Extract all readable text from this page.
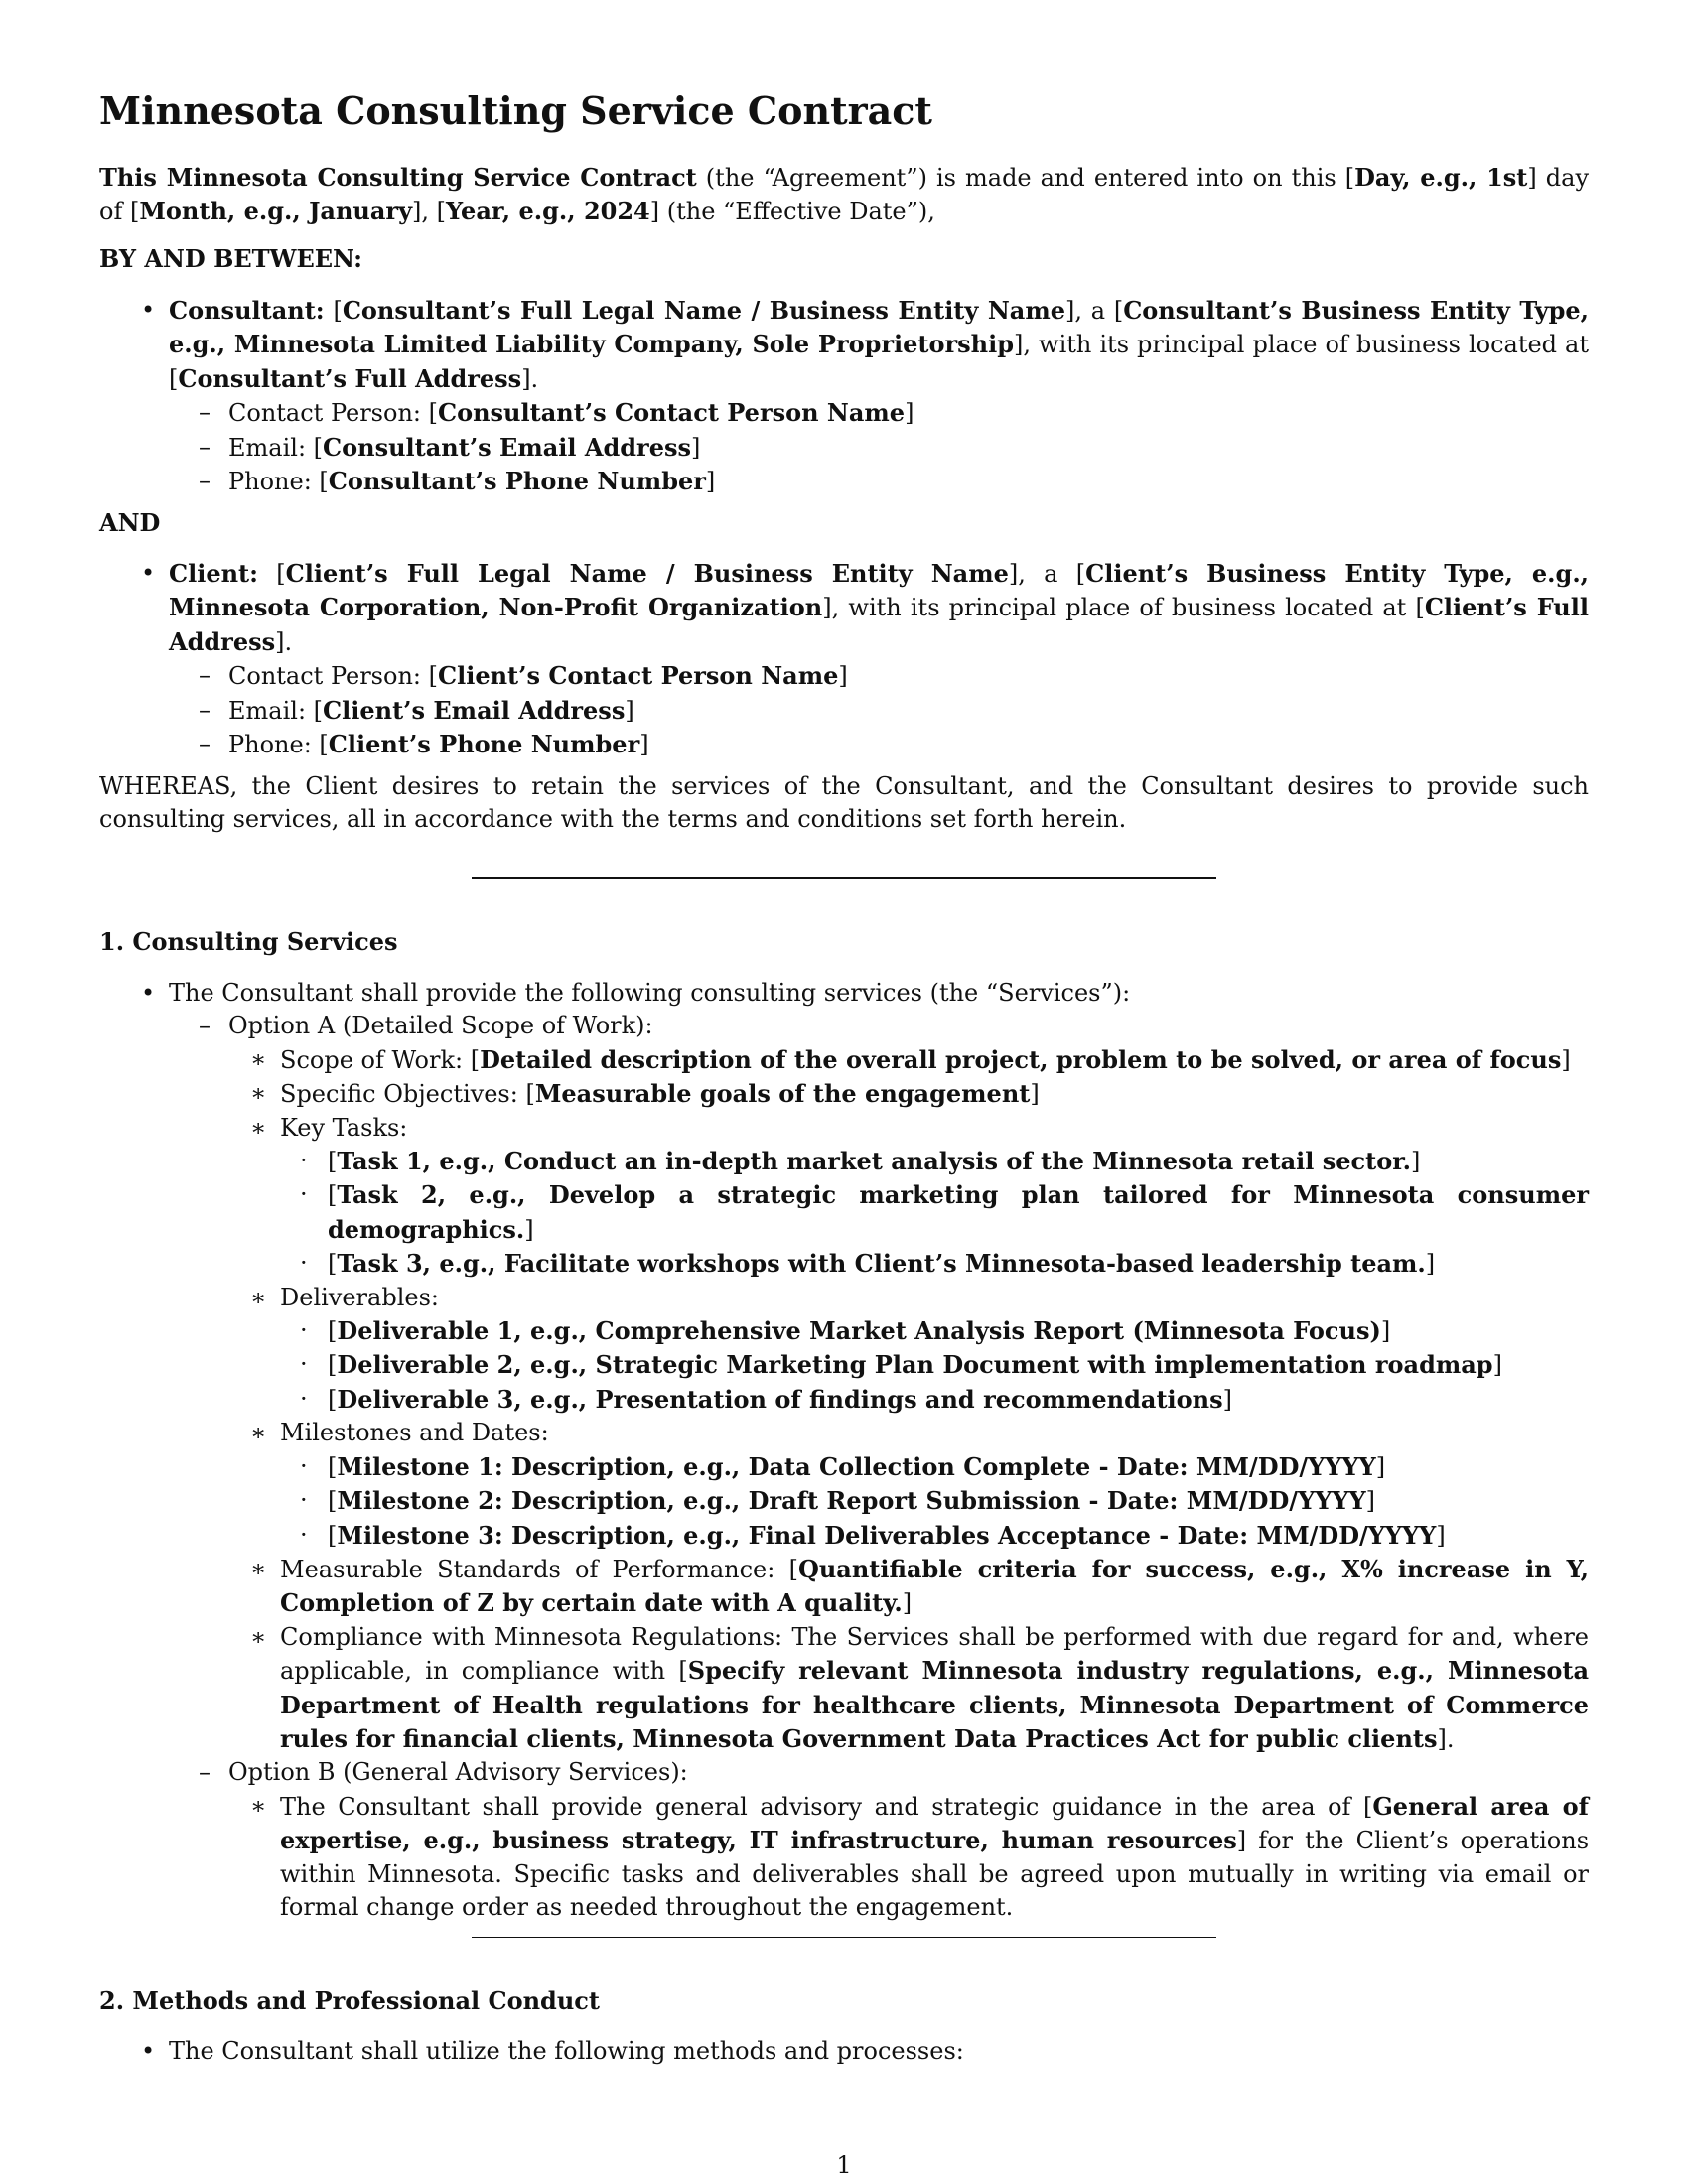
Minnesota Consulting Service Contract

This Minnesota Consulting Service Contract (the “Agreement”) is made and entered into on this [Day, e.g., 1st] day of [Month, e.g., January], [Year, e.g., 2024] (the “Effective Date”),

BY AND BETWEEN:

• Consultant: [Consultant’s Full Legal Name / Business Entity Name], a [Consultant’s Business Entity Type, e.g., Minnesota Limited Liability Company, Sole Proprietorship], with its principal place of business located at [Consultant’s Full Address].
– Contact Person: [Consultant’s Contact Person Name]
– Email: [Consultant’s Email Address]
– Phone: [Consultant’s Phone Number]

AND

• Client: [Client’s Full Legal Name / Business Entity Name], a [Client’s Business Entity Type, e.g., Minnesota Corporation, Non-Profit Organization], with its principal place of business located at [Client’s Full Address].
– Contact Person: [Client’s Contact Person Name]
– Email: [Client’s Email Address]
– Phone: [Client’s Phone Number]

WHEREAS, the Client desires to retain the services of the Consultant, and the Consultant desires to provide such consulting services, all in accordance with the terms and conditions set forth herein.

1. Consulting Services

• The Consultant shall provide the following consulting services (the “Services”):
– Option A (Detailed Scope of Work):
∗ Scope of Work: [Detailed description of the overall project, problem to be solved, or area of focus]
∗ Specific Objectives: [Measurable goals of the engagement]
∗ Key Tasks:
· [Task 1, e.g., Conduct an in-depth market analysis of the Minnesota retail sector.]
· [Task 2, e.g., Develop a strategic marketing plan tailored for Minnesota consumer demographics.]
· [Task 3, e.g., Facilitate workshops with Client’s Minnesota-based leadership team.]
∗ Deliverables:
· [Deliverable 1, e.g., Comprehensive Market Analysis Report (Minnesota Focus)]
· [Deliverable 2, e.g., Strategic Marketing Plan Document with implementation roadmap]
· [Deliverable 3, e.g., Presentation of findings and recommendations]
∗ Milestones and Dates:
· [Milestone 1: Description, e.g., Data Collection Complete - Date: MM/DD/YYYY]
· [Milestone 2: Description, e.g., Draft Report Submission - Date: MM/DD/YYYY]
· [Milestone 3: Description, e.g., Final Deliverables Acceptance - Date: MM/DD/YYYY]
∗ Measurable Standards of Performance: [Quantifiable criteria for success, e.g., X% increase in Y, Completion of Z by certain date with A quality.]
∗ Compliance with Minnesota Regulations: The Services shall be performed with due regard for and, where applicable, in compliance with [Specify relevant Minnesota industry regulations, e.g., Minnesota Department of Health regulations for healthcare clients, Minnesota Department of Commerce rules for financial clients, Minnesota Government Data Practices Act for public clients].
– Option B (General Advisory Services):
∗ The Consultant shall provide general advisory and strategic guidance in the area of [General area of expertise, e.g., business strategy, IT infrastructure, human resources] for the Client’s operations within Minnesota. Specific tasks and deliverables shall be agreed upon mutually in writing via email or formal change order as needed throughout the engagement.

2. Methods and Professional Conduct

• The Consultant shall utilize the following methods and processes:
1
